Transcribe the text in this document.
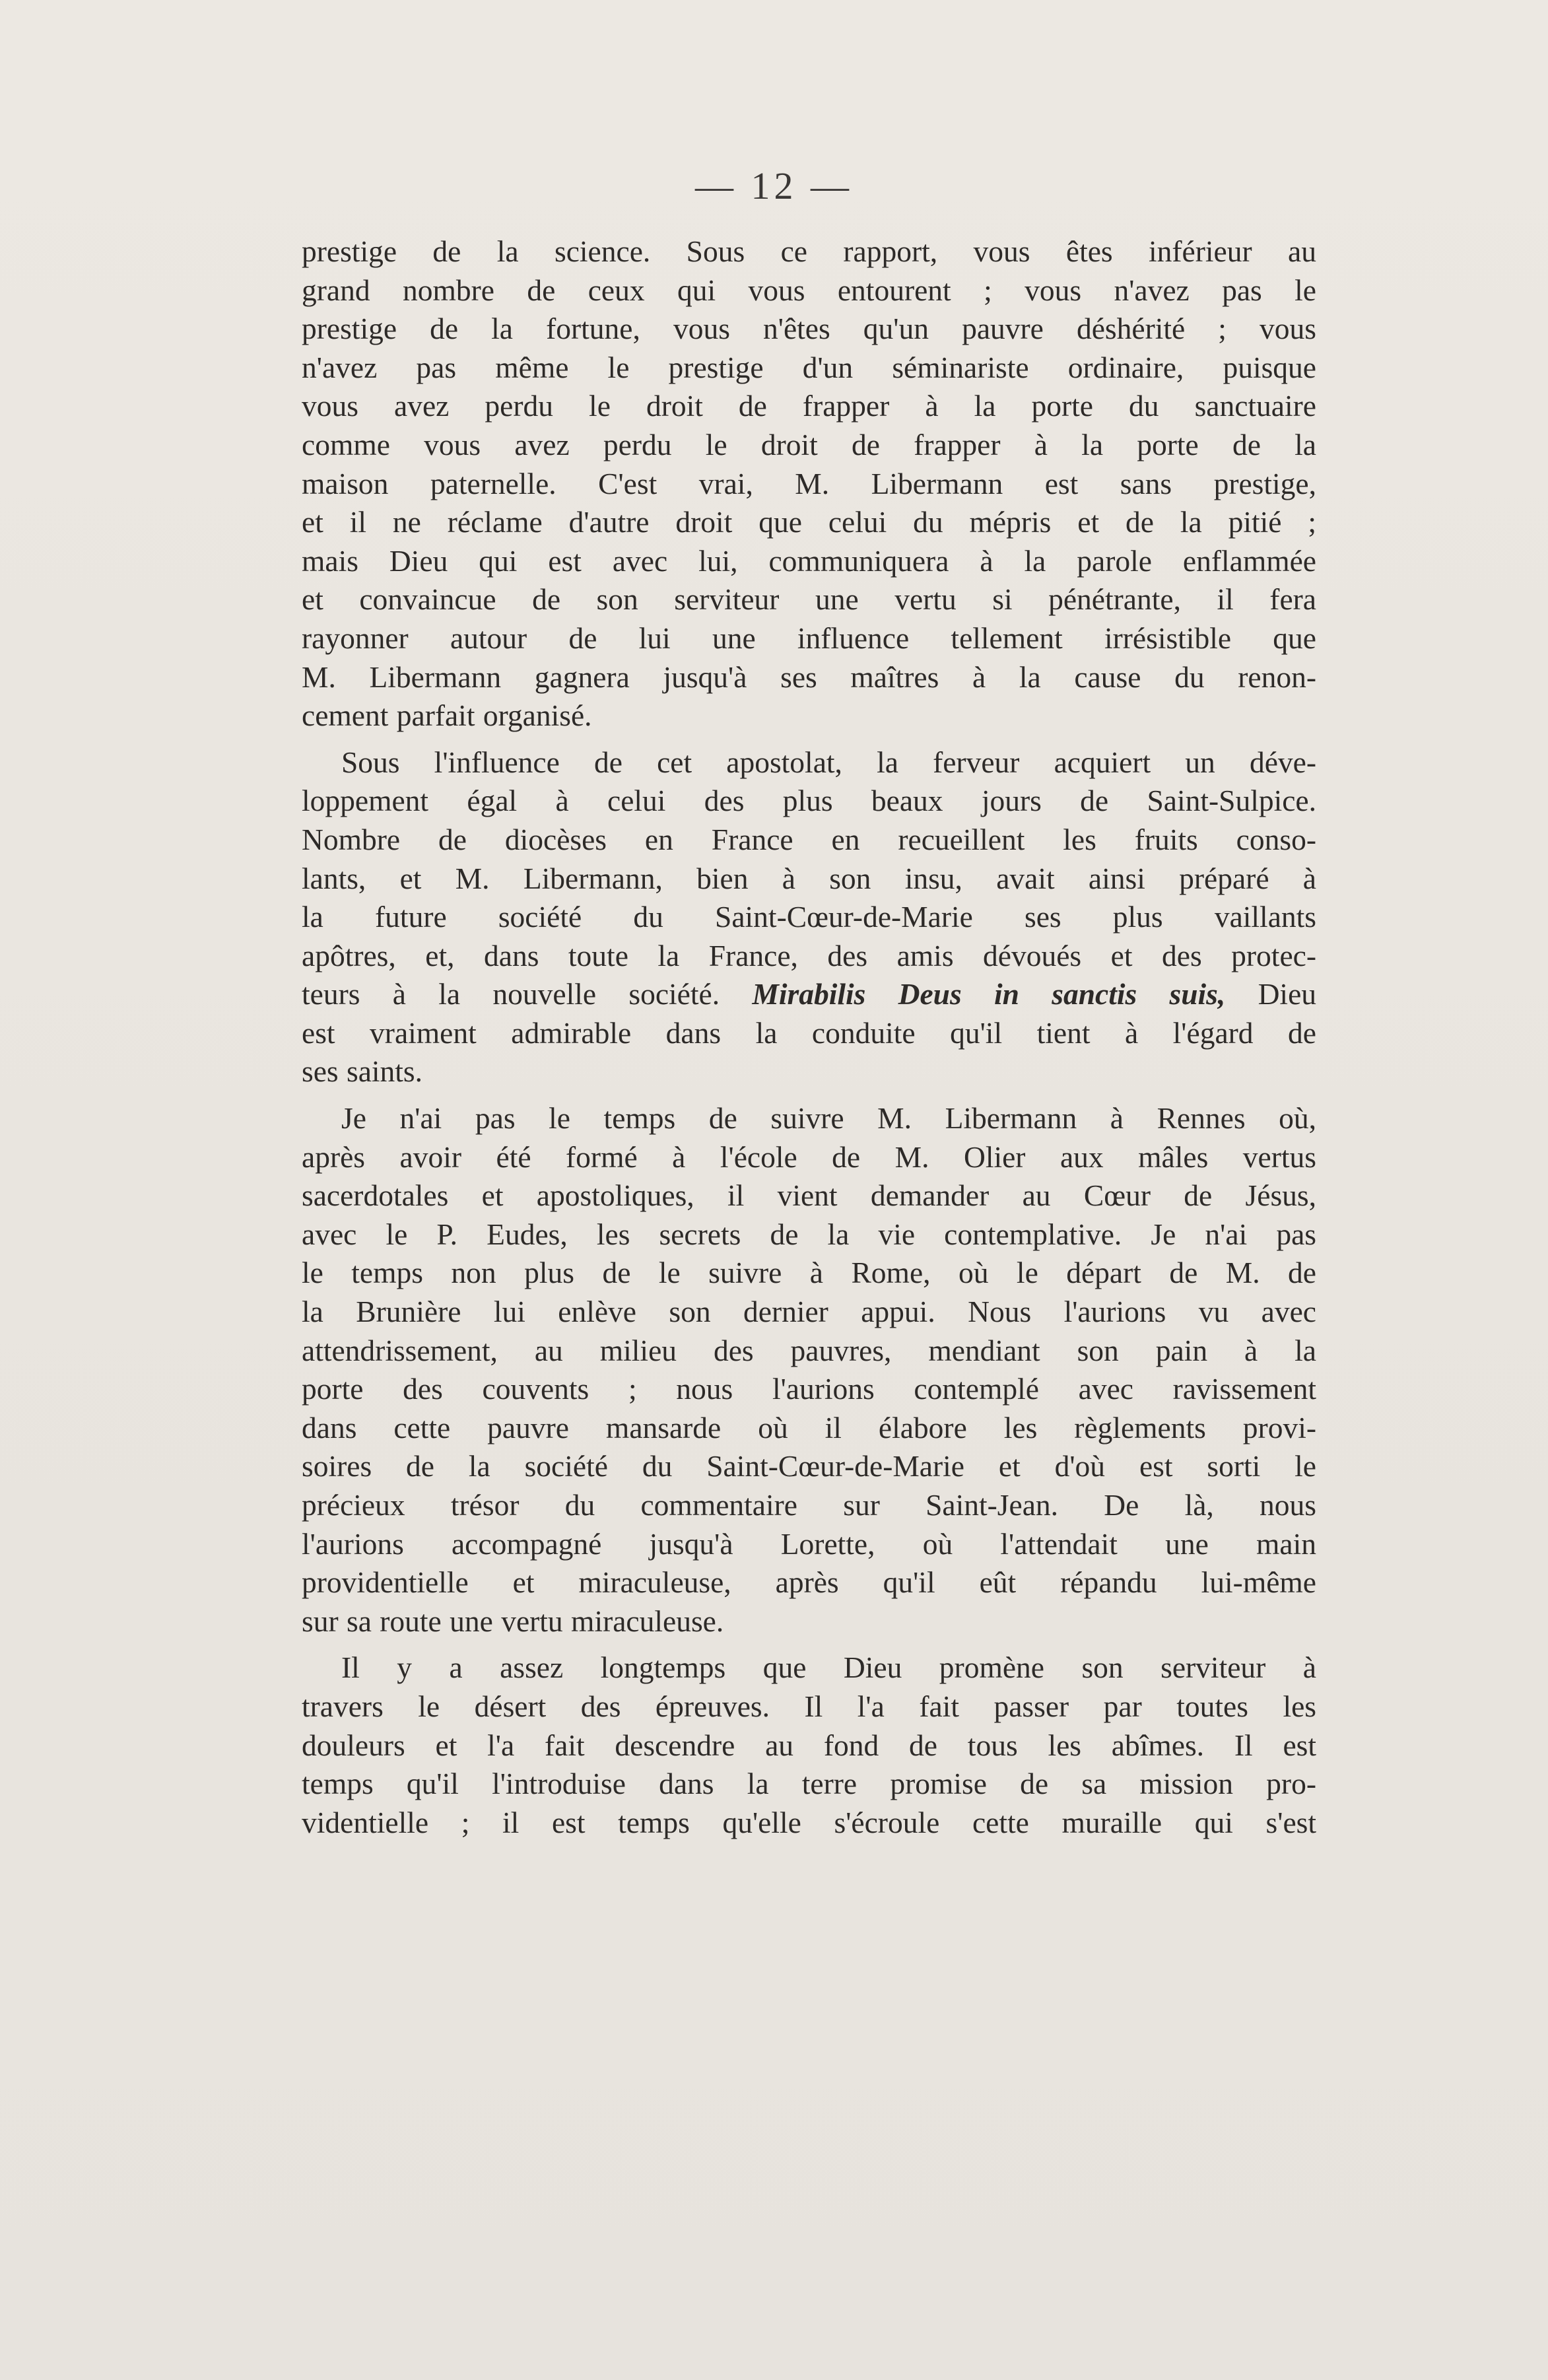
— 12 —
prestige de la science. Sous ce rapport, vous êtes inférieur au
grand nombre de ceux qui vous entourent ; vous n'avez pas le
prestige de la fortune, vous n'êtes qu'un pauvre déshérité ; vous
n'avez pas même le prestige d'un séminariste ordinaire, puisque
vous avez perdu le droit de frapper à la porte du sanctuaire
comme vous avez perdu le droit de frapper à la porte de la
maison paternelle. C'est vrai, M. Libermann est sans prestige,
et il ne réclame d'autre droit que celui du mépris et de la pitié ;
mais Dieu qui est avec lui, communiquera à la parole enflammée
et convaincue de son serviteur une vertu si pénétrante, il fera
rayonner autour de lui une influence tellement irrésistible que
M. Libermann gagnera jusqu'à ses maîtres à la cause du renon-
cement parfait organisé.
Sous l'influence de cet apostolat, la ferveur acquiert un déve-
loppement égal à celui des plus beaux jours de Saint-Sulpice.
Nombre de diocèses en France en recueillent les fruits conso-
lants, et M. Libermann, bien à son insu, avait ainsi préparé à
la future société du Saint-Cœur-de-Marie ses plus vaillants
apôtres, et, dans toute la France, des amis dévoués et des protec-
teurs à la nouvelle société. Mirabilis Deus in sanctis suis, Dieu
est vraiment admirable dans la conduite qu'il tient à l'égard de
ses saints.
Je n'ai pas le temps de suivre M. Libermann à Rennes où,
après avoir été formé à l'école de M. Olier aux mâles vertus
sacerdotales et apostoliques, il vient demander au Cœur de Jésus,
avec le P. Eudes, les secrets de la vie contemplative. Je n'ai pas
le temps non plus de le suivre à Rome, où le départ de M. de
la Brunière lui enlève son dernier appui. Nous l'aurions vu avec
attendrissement, au milieu des pauvres, mendiant son pain à la
porte des couvents ; nous l'aurions contemplé avec ravissement
dans cette pauvre mansarde où il élabore les règlements provi-
soires de la société du Saint-Cœur-de-Marie et d'où est sorti le
précieux trésor du commentaire sur Saint-Jean. De là, nous
l'aurions accompagné jusqu'à Lorette, où l'attendait une main
providentielle et miraculeuse, après qu'il eût répandu lui-même
sur sa route une vertu miraculeuse.
Il y a assez longtemps que Dieu promène son serviteur à
travers le désert des épreuves. Il l'a fait passer par toutes les
douleurs et l'a fait descendre au fond de tous les abîmes. Il est
temps qu'il l'introduise dans la terre promise de sa mission pro-
videntielle ; il est temps qu'elle s'écroule cette muraille qui s'est
